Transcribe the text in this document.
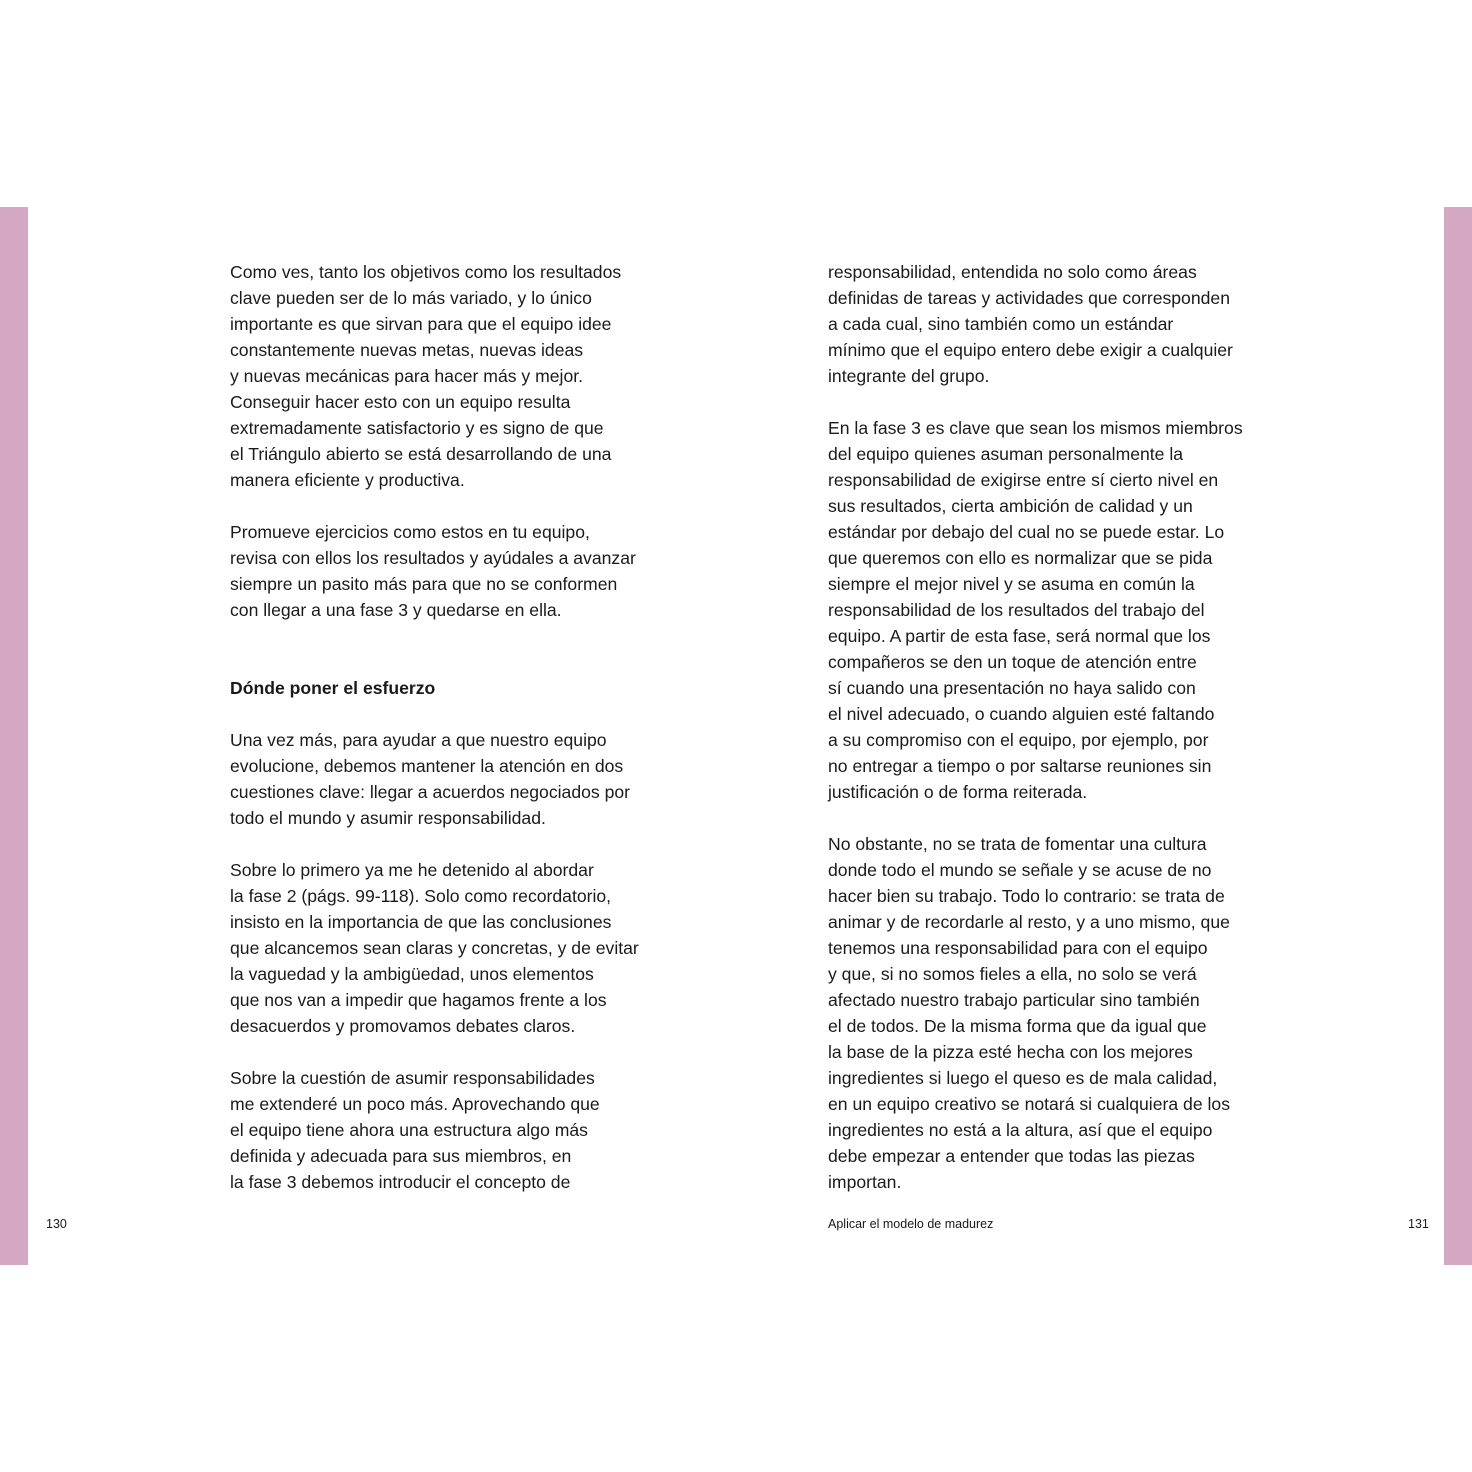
Como ves, tanto los objetivos como los resultados
clave pueden ser de lo más variado, y lo único
importante es que sirvan para que el equipo idee
constantemente nuevas metas, nuevas ideas
y nuevas mecánicas para hacer más y mejor.
Conseguir hacer esto con un equipo resulta
extremadamente satisfactorio y es signo de que
el Triángulo abierto se está desarrollando de una
manera eficiente y productiva.
Promueve ejercicios como estos en tu equipo,
revisa con ellos los resultados y ayúdales a avanzar
siempre un pasito más para que no se conformen
con llegar a una fase 3 y quedarse en ella.
Dónde poner el esfuerzo
Una vez más, para ayudar a que nuestro equipo
evolucione, debemos mantener la atención en dos
cuestiones clave: llegar a acuerdos negociados por
todo el mundo y asumir responsabilidad.
Sobre lo primero ya me he detenido al abordar
la fase 2 (págs. 99-118). Solo como recordatorio,
insisto en la importancia de que las conclusiones
que alcancemos sean claras y concretas, y de evitar
la vaguedad y la ambigüedad, unos elementos
que nos van a impedir que hagamos frente a los
desacuerdos y promovamos debates claros.
Sobre la cuestión de asumir responsabilidades
me extenderé un poco más. Aprovechando que
el equipo tiene ahora una estructura algo más
definida y adecuada para sus miembros, en
la fase 3 debemos introducir el concepto de
responsabilidad, entendida no solo como áreas
definidas de tareas y actividades que corresponden
a cada cual, sino también como un estándar
mínimo que el equipo entero debe exigir a cualquier
integrante del grupo.
En la fase 3 es clave que sean los mismos miembros
del equipo quienes asuman personalmente la
responsabilidad de exigirse entre sí cierto nivel en
sus resultados, cierta ambición de calidad y un
estándar por debajo del cual no se puede estar. Lo
que queremos con ello es normalizar que se pida
siempre el mejor nivel y se asuma en común la
responsabilidad de los resultados del trabajo del
equipo. A partir de esta fase, será normal que los
compañeros se den un toque de atención entre
sí cuando una presentación no haya salido con
el nivel adecuado, o cuando alguien esté faltando
a su compromiso con el equipo, por ejemplo, por
no entregar a tiempo o por saltarse reuniones sin
justificación o de forma reiterada.
No obstante, no se trata de fomentar una cultura
donde todo el mundo se señale y se acuse de no
hacer bien su trabajo. Todo lo contrario: se trata de
animar y de recordarle al resto, y a uno mismo, que
tenemos una responsabilidad para con el equipo
y que, si no somos fieles a ella, no solo se verá
afectado nuestro trabajo particular sino también
el de todos. De la misma forma que da igual que
la base de la pizza esté hecha con los mejores
ingredientes si luego el queso es de mala calidad,
en un equipo creativo se notará si cualquiera de los
ingredientes no está a la altura, así que el equipo
debe empezar a entender que todas las piezas
importan.
130	Aplicar el modelo de madurez	131
